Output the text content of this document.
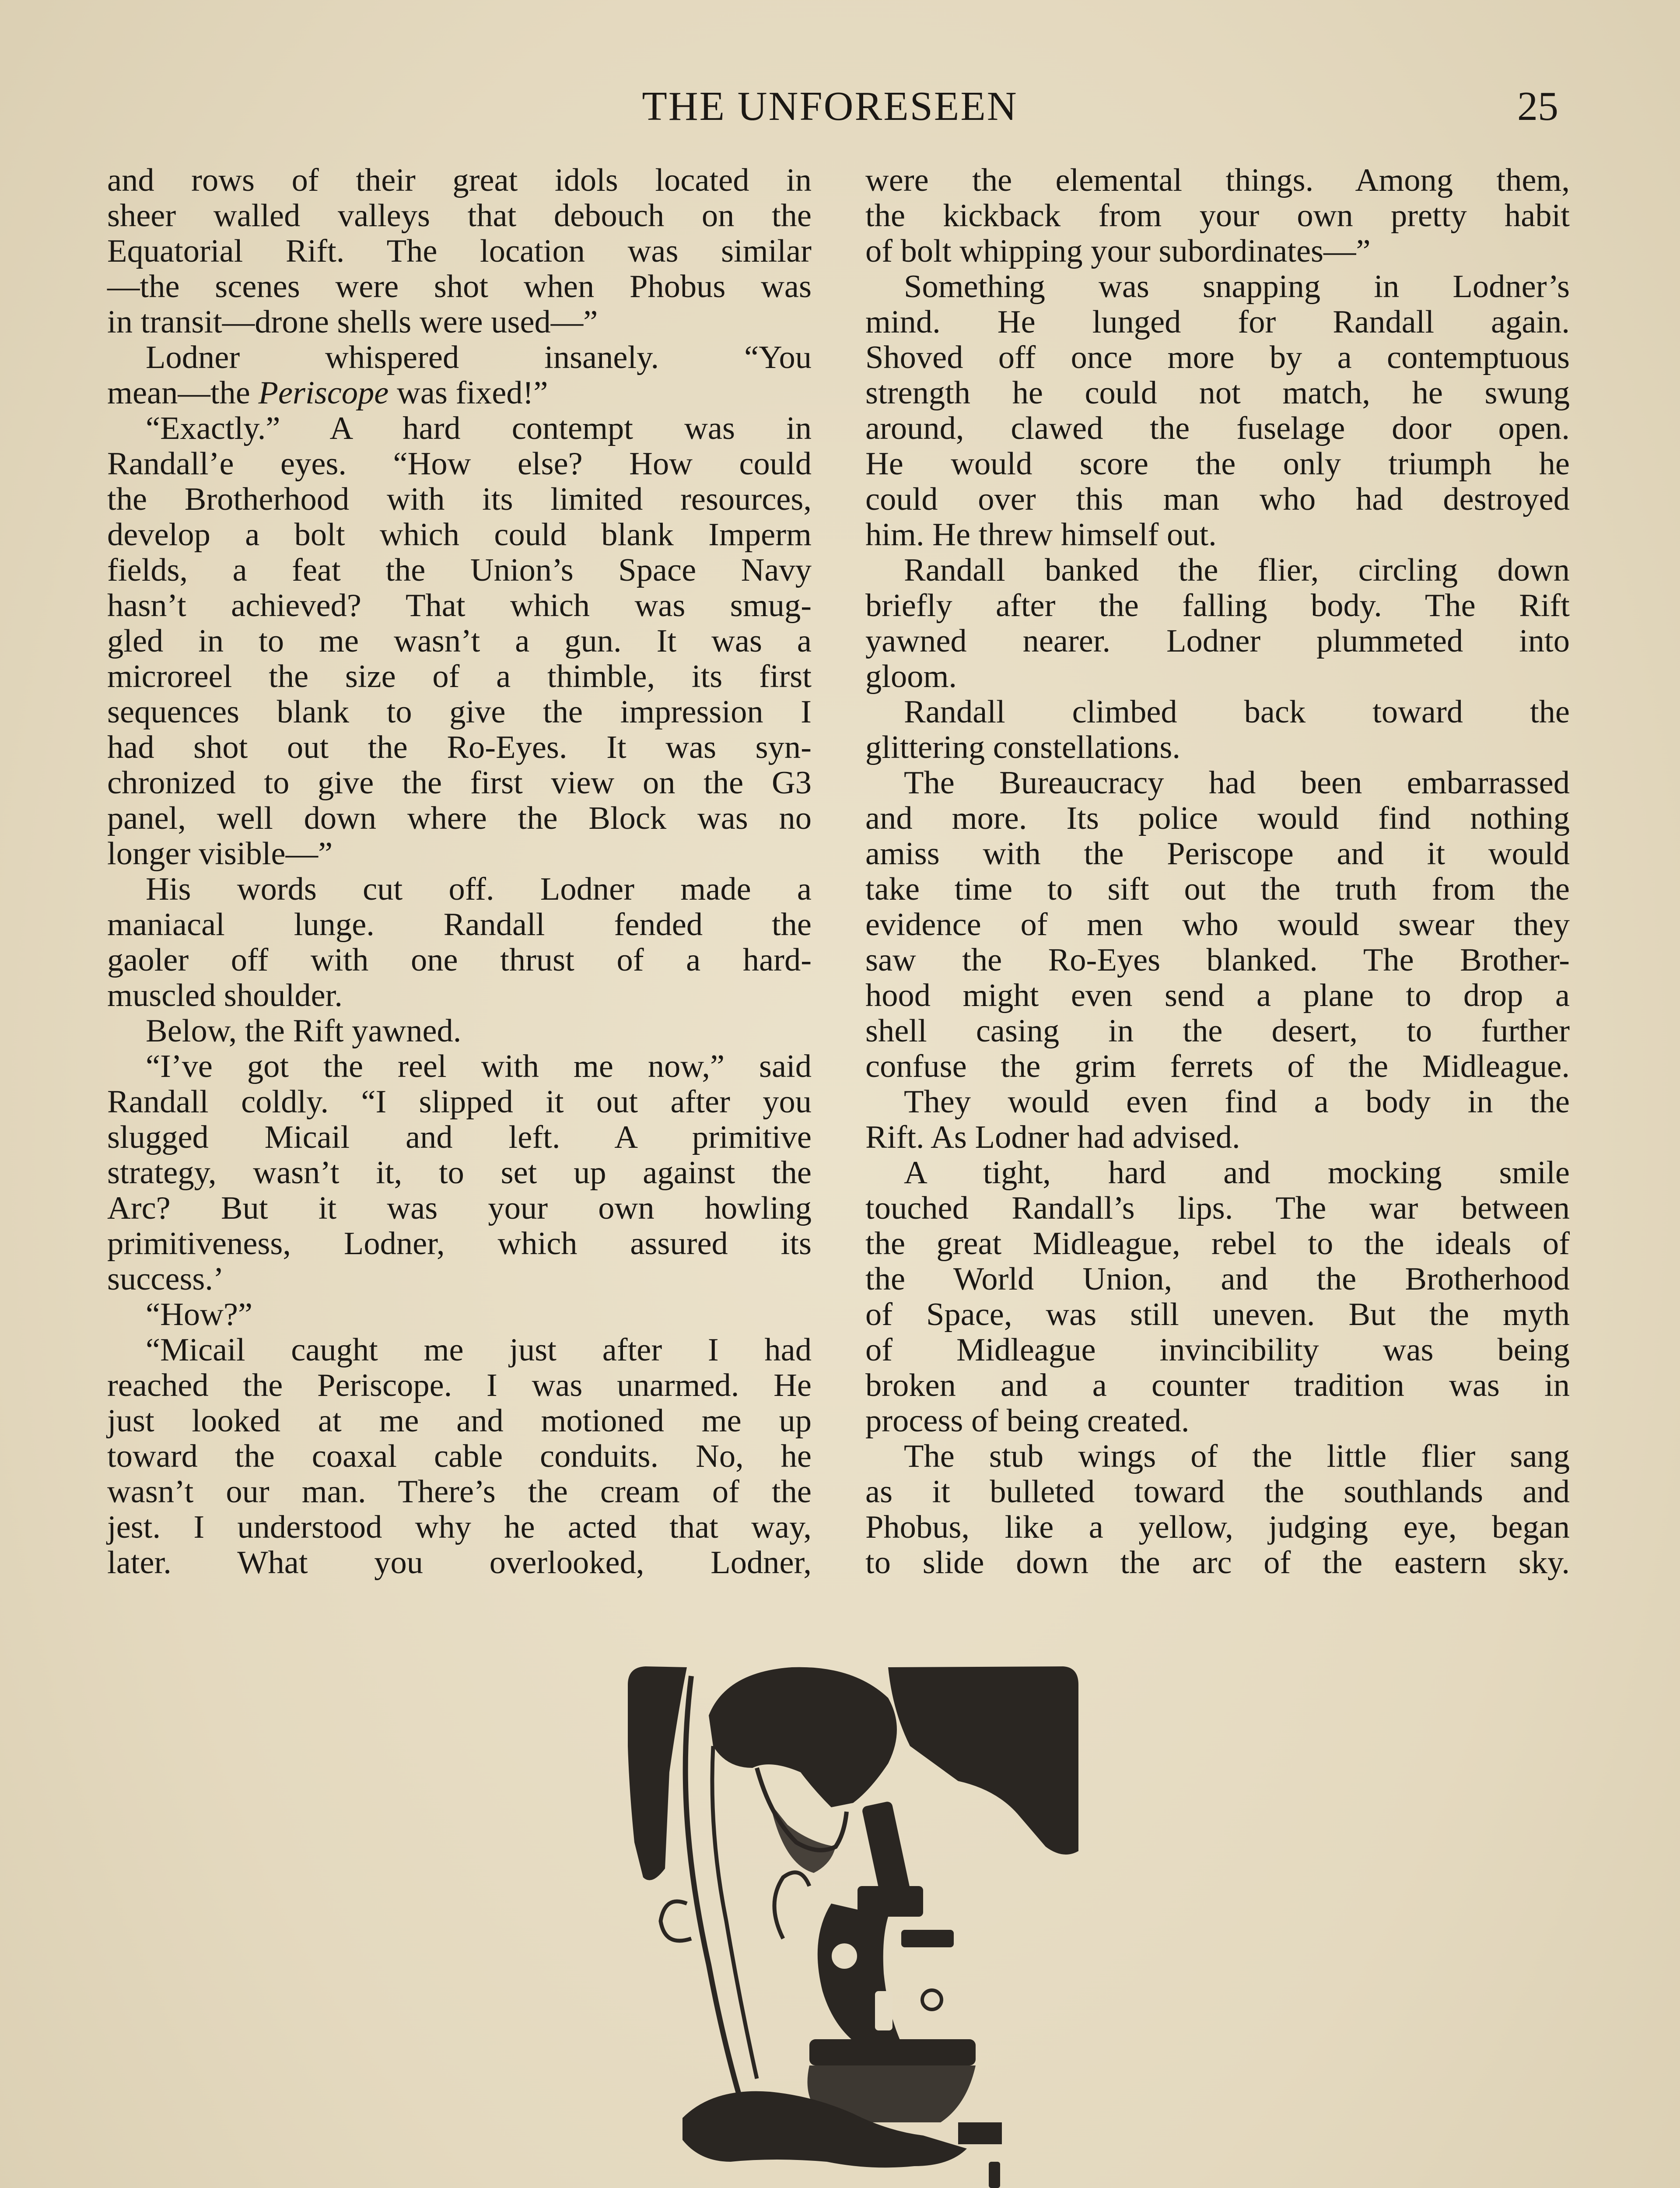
THE UNFORESEEN	25
and rows of their great idols located in
sheer walled valleys that debouch on the
Equatorial Rift. The location was similar
—the scenes were shot when Phobus was
in transit—drone shells were used—”
Lodner whispered insanely. “You
mean—the Periscope was fixed!”
“Exactly.” A hard contempt was in
Randall’e eyes. “How else? How could
the Brotherhood with its limited resources,
develop a bolt which could blank Imperm
fields, a feat the Union’s Space Navy
hasn’t achieved? That which was smug-
gled in to me wasn’t a gun. It was a
microreel the size of a thimble, its first
sequences blank to give the impression I
had shot out the Ro-Eyes. It was syn-
chronized to give the first view on the G3
panel, well down where the Block was no
longer visible—”
His words cut off. Lodner made a
maniacal lunge. Randall fended the
gaoler off with one thrust of a hard-
muscled shoulder.
Below, the Rift yawned.
“I’ve got the reel with me now,” said
Randall coldly. “I slipped it out after you
slugged Micail and left. A primitive
strategy, wasn’t it, to set up against the
Arc? But it was your own howling
primitiveness, Lodner, which assured its
success.’
“How?”
“Micail caught me just after I had
reached the Periscope. I was unarmed. He
just looked at me and motioned me up
toward the coaxal cable conduits. No, he
wasn’t our man. There’s the cream of the
jest. I understood why he acted that way,
later. What you overlooked, Lodner,
were the elemental things. Among them,
the kickback from your own pretty habit
of bolt whipping your subordinates—”
Something was snapping in Lodner’s
mind. He lunged for Randall again.
Shoved off once more by a contemptuous
strength he could not match, he swung
around, clawed the fuselage door open.
He would score the only triumph he
could over this man who had destroyed
him. He threw himself out.
Randall banked the flier, circling down
briefly after the falling body. The Rift
yawned nearer. Lodner plummeted into
gloom.
Randall climbed back toward the
glittering constellations.
The Bureaucracy had been embarrassed
and more. Its police would find nothing
amiss with the Periscope and it would
take time to sift out the truth from the
evidence of men who would swear they
saw the Ro-Eyes blanked. The Brother-
hood might even send a plane to drop a
shell casing in the desert, to further
confuse the grim ferrets of the Midleague.
They would even find a body in the
Rift. As Lodner had advised.
A tight, hard and mocking smile
touched Randall’s lips. The war between
the great Midleague, rebel to the ideals of
the World Union, and the Brotherhood
of Space, was still uneven. But the myth
of Midleague invincibility was being
broken and a counter tradition was in
process of being created.
The stub wings of the little flier sang
as it bulleted toward the southlands and
Phobus, like a yellow, judging eye, began
to slide down the arc of the eastern sky.
